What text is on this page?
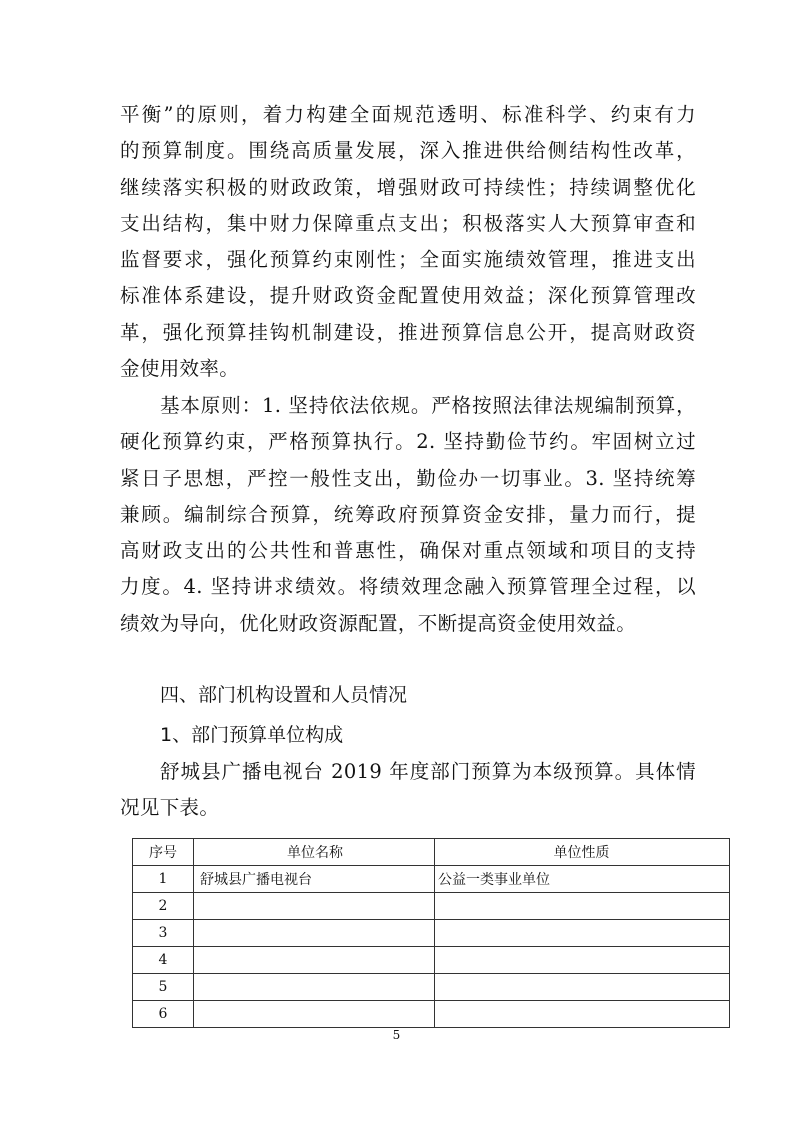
平衡”的原则，着力构建全面规范透明、标准科学、约束有力
的预算制度。围绕高质量发展，深入推进供给侧结构性改革，
继续落实积极的财政政策，增强财政可持续性；持续调整优化
支出结构，集中财力保障重点支出；积极落实人大预算审查和
监督要求，强化预算约束刚性；全面实施绩效管理，推进支出
标准体系建设，提升财政资金配置使用效益；深化预算管理改
革，强化预算挂钩机制建设，推进预算信息公开，提高财政资
金使用效率。
基本原则：1. 坚持依法依规。严格按照法律法规编制预算，
硬化预算约束，严格预算执行。2. 坚持勤俭节约。牢固树立过
紧日子思想，严控一般性支出，勤俭办一切事业。3. 坚持统筹
兼顾。编制综合预算，统筹政府预算资金安排，量力而行，提
高财政支出的公共性和普惠性，确保对重点领域和项目的支持
力度。4. 坚持讲求绩效。将绩效理念融入预算管理全过程，以
绩效为导向，优化财政资源配置，不断提高资金使用效益。
四、部门机构设置和人员情况
1、部门预算单位构成
舒城县广播电视台 2019 年度部门预算为本级预算。具体情
况见下表。
序号	单位名称	单位性质
1	舒城县广播电视台	公益一类事业单位
2		
3		
4		
5		
6		
5
